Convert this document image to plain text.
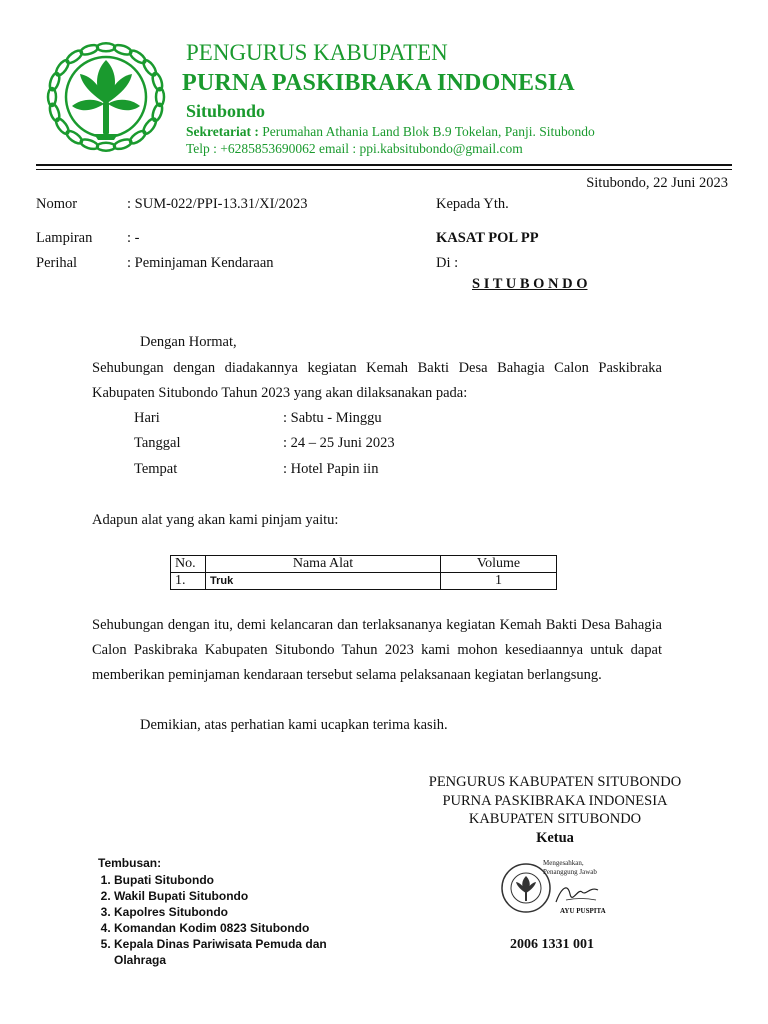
PENGURUS KABUPATEN
PURNA PASKIBRAKA INDONESIA
Situbondo
Sekretariat : Perumahan Athania Land Blok B.9 Tokelan, Panji. Situbondo
Telp : +6285853690062 email : ppi.kabsitubondo@gmail.com
Situbondo, 22 Juni 2023
Nomor	: SUM-022/PPI-13.31/XI/2023	Kepada Yth.
Lampiran : -	KASAT POL PP
Perihal	: Peminjaman Kendaraan	Di :
S I T U B O N D O
Dengan Hormat,
Sehubungan dengan diadakannya kegiatan Kemah Bakti Desa Bahagia Calon Paskibraka Kabupaten Situbondo Tahun 2023 yang akan dilaksanakan pada:
Hari	: Sabtu - Minggu
Tanggal	: 24 – 25 Juni 2023
Tempat	: Hotel Papin iin
Adapun alat yang akan kami pinjam yaitu:
No.	Nama Alat	Volume
1.	Truk	1
Sehubungan dengan itu, demi kelancaran dan terlaksananya kegiatan Kemah Bakti Desa Bahagia Calon Paskibraka Kabupaten Situbondo Tahun 2023 kami mohon kesediaannya untuk dapat memberikan peminjaman kendaraan tersebut selama pelaksanaan kegiatan berlangsung.
Demikian, atas perhatian kami ucapkan terima kasih.
PENGURUS KABUPATEN SITUBONDO
PURNA PASKIBRAKA INDONESIA
KABUPATEN SITUBONDO
Ketua
Mengesahkan,
Penanggung Jawab
AYU PUSPITA
2006 1331 001
Tembusan:
1. Bupati Situbondo
2. Wakil Bupati Situbondo
3. Kapolres Situbondo
4. Komandan Kodim 0823 Situbondo
5. Kepala Dinas Pariwisata Pemuda dan Olahraga
